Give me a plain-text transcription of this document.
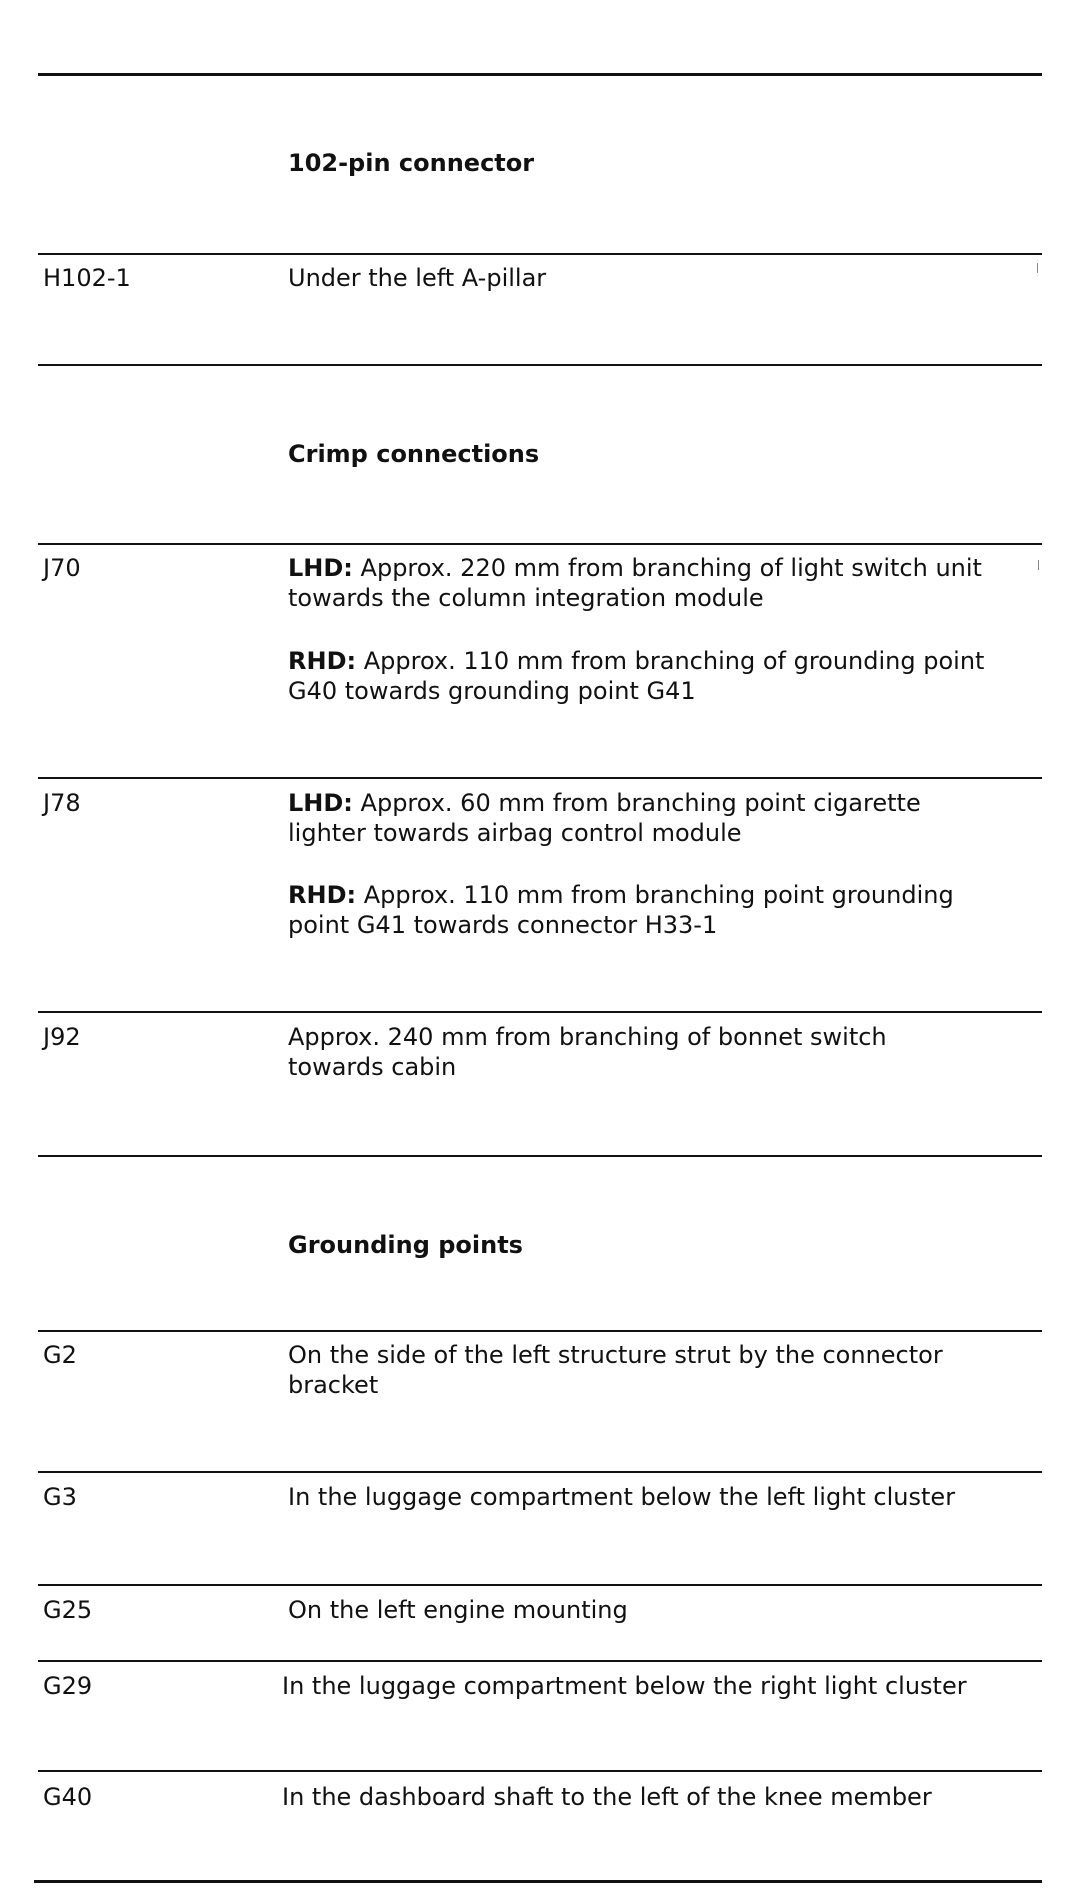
102-pin connector
H102-1	Under the left A-pillar
Crimp connections
J70	LHD: Approx. 220 mm from branching of light switch unit
towards the column integration module
RHD: Approx. 110 mm from branching of grounding point
G40 towards grounding point G41
J78	LHD: Approx. 60 mm from branching point cigarette
lighter towards airbag control module
RHD: Approx. 110 mm from branching point grounding
point G41 towards connector H33-1
J92	Approx. 240 mm from branching of bonnet switch
towards cabin
Grounding points
G2	On the side of the left structure strut by the connector
bracket
G3	In the luggage compartment below the left light cluster
G25	On the left engine mounting
G29	In the luggage compartment below the right light cluster
G40	In the dashboard shaft to the left of the knee member
